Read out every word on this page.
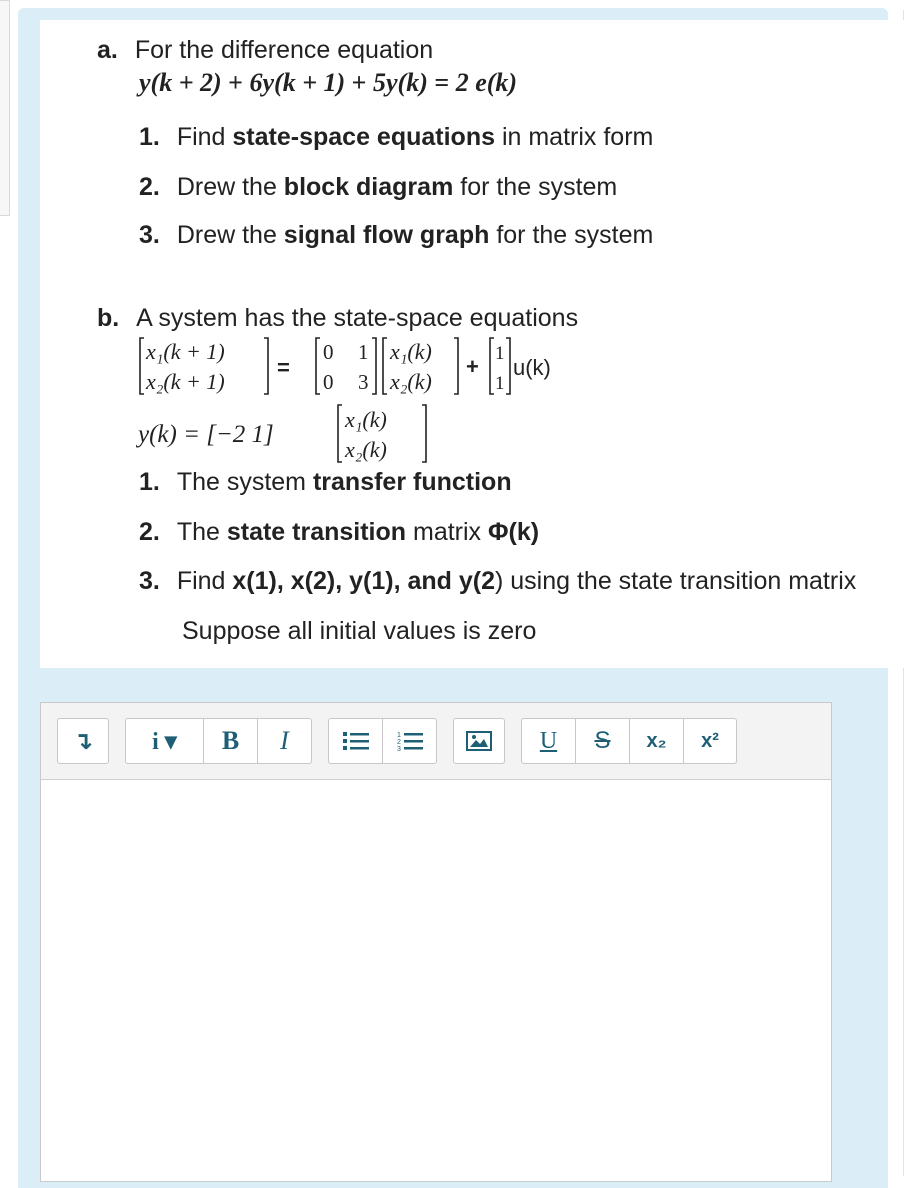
a. For the difference equation
y(k + 2) + 6y(k + 1) + 5y(k) = 2 e(k)
1. Find state-space equations in matrix form
2. Drew the block diagram for the system
3. Drew the signal flow graph for the system
b. A system has the state-space equations
x₁(k + 1)
x₂(k + 1)
=
0 1
0 3
x₁(k)
x₂(k)
+
1
1
u(k)
y(k) = [−2 1]
x₁(k)
x₂(k)
1. The system transfer function
2. The state transition matrix Φ(k)
3. Find x(1), x(2), y(1), and y(2) using the state transition matrix
Suppose all initial values is zero
↴ i ▾ B I	1
2
3	U S x₂ x²
